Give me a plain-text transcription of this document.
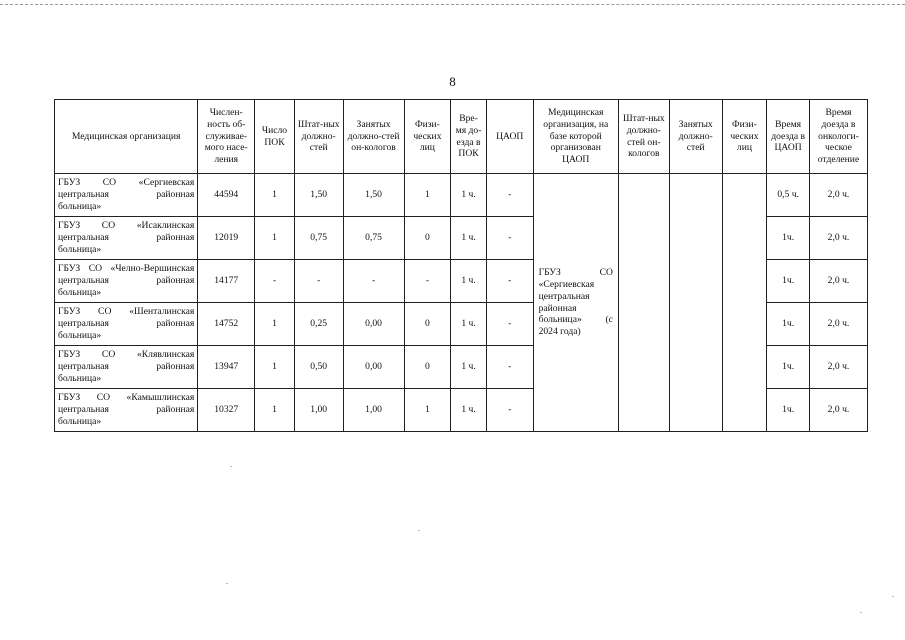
8
Медицинская организация	Числен-ность об-служивае-мого насе-ления	Число ПОК	Штат-ных должно-стей	Занятых должно-стей он-кологов	Физи-ческих лиц	Вре-мя до-езда в ПОК	ЦАОП	Медицинская организация, на базе которой организован ЦАОП	Штат-ных должно-стей он-кологов	Занятых должно-стей	Физи-ческих лиц	Время доезда в ЦАОП	Время доезда в онкологи-ческое отделение
ГБУЗ СО «Сергиевская центральная районная больница»	44594	1	1,50	1,50	1	1 ч.	-	ГБУЗ СО «Сергиевская центральная районная больница» (с 2024 года)				0,5 ч.	2,0 ч.
ГБУЗ СО «Исаклинская центральная районная больница»	12019	1	0,75	0,75	0	1 ч.	-					1ч.	2,0 ч.
ГБУЗ СО «Челно-Вершинская центральная районная больница»	14177	-	-	-	-	1 ч.	-					1ч.	2,0 ч.
ГБУЗ СО «Шенталинская центральная районная больница»	14752	1	0,25	0,00	0	1 ч.	-					1ч.	2,0 ч.
ГБУЗ СО «Клявлинская центральная районная больница»	13947	1	0,50	0,00	0	1 ч.	-					1ч.	2,0 ч.
ГБУЗ СО «Камышлинская центральная районная больница»	10327	1	1,00	1,00	1	1 ч.	-					1ч.	2,0 ч.
